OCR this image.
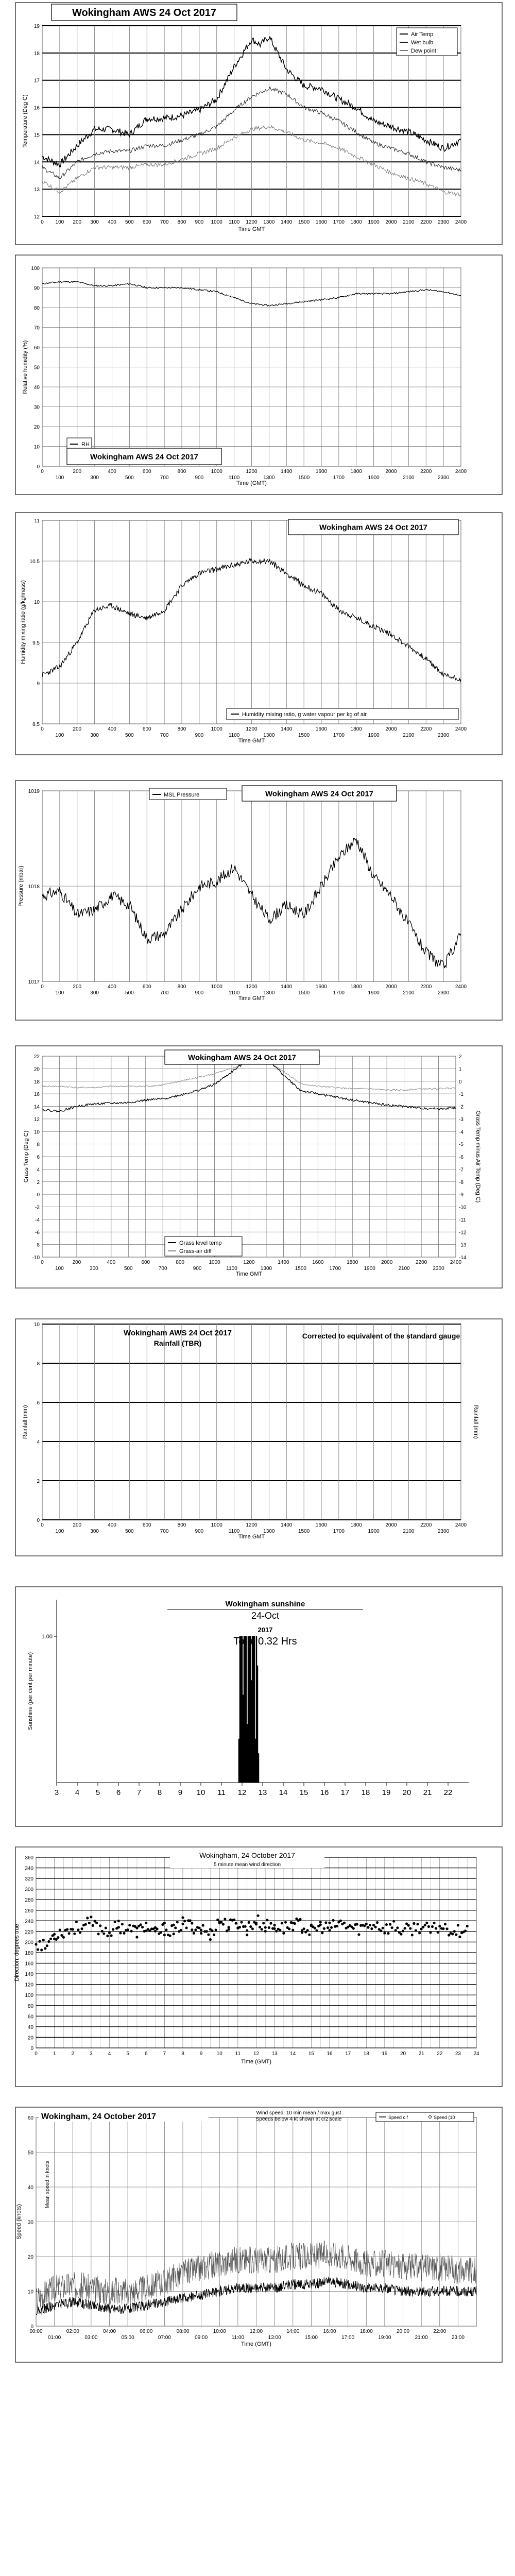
12
13
14
15
16
17
18
19
0 100 200 300 400 500 600 700 800 900 1000 1100 1200 1300 1400 1500 1600 1700 1800 1900 2000 2100 2200 2300 2400
Time GMT
Temperature (Deg C)
Wokingham AWS 24 Oct 2017
Air Temp
Wet bulb
Dew point
0
10
20
30
40
50
60
70
80
90
100
0	200	400	600	800	1000	1200	1400	1600	1800	2000	2200	2400
100	300	500	700	900	1100	1300	1500	1700	1900	2100	2300
Time (GMT)
Relative humidity (%)
RH
Wokingham AWS 24 Oct 2017
8.5
9
9.5
10
10.5
11
0	200	400	600	800	1000	1200	1400	1600	1800	2000	2200	2400
100	300	500	700	900	1100	1300	1500	1700	1900	2100	2300
Time GMT
Humidity mixing ratio (g/kg/mass)
Wokingham AWS 24 Oct 2017
Humidity mixing ratio, g water vapour per kg of air
1017
1018
1019
0	200	400	600	800	1000	1200	1400	1600	1800	2000	2200	2400
100	300	500	700	900	1100	1300	1500	1700	1900	2100	2300
Time GMT
Pressure (mbar)
Wokingham AWS 24 Oct 2017
MSL Pressure
22
20
18
16
14
12
10
8
6
4
2
0
-2
-4
-6
-8
-10
0	200	400	600	800	1000	1200	1400	1600	1800	2000	2200	2400
100	300	500	700	900	1100	1300	1500	1700	1900	2100	2300
Time GMT
Grass Temp (Deg C)
2
1
0
-1
-2
-3
-4
-5
-6
-7
-8
-9
-10
-11
-12
-13
-14
Grass Temp minus Air Temp (Deg C)
Wokingham AWS 24 Oct 2017
Grass level temp
Grass-air diff
0
2
4
6
8
10
0	200	400	600	800	1000	1200	1400	1600	1800	2000	2200	2400
100	300	500	700	900	1100	1300	1500	1700	1900	2100	2300
Time GMT
Rainfall (mm)	Rainfall (mm)
Wokingham AWS 24 Oct 2017
Rainfall (TBR)
Corrected to equivalent of the standard gauge
3 4 5 6 7 8 9 10 11 12 13 14 15 16 17 18 19 20 21 22
1.00
Sunshine (per cent per minute)
Wokingham sunshine
24-Oct
2017
Total 0.32 Hrs
0
20
40
60
80
100
120
140
160
180
200
220
240
260
280
300
320
340
360
0	1	2	3	4	5	6	7	8	9	10 11 12 13 14 15 16 17 18 19 20 21 22 23 24
Time (GMT)
Direction, degrees true
Wokingham, 24 October 2017
5 minute mean wind direction
0
10
20
30
40
50
60
00:00	02:00	04:00	06:00	08:00	10:00	12:00	14:00	16:00	18:00	20:00	22:00
01:00	03:00	05:00	07:00	09:00	11:00	13:00	15:00	17:00	19:00	21:00	23:00
Time (GMT)
Speed (knots)
Mean speed in knots
Wokingham, 24 October 2017	Wind speed: 10 min mean / max gust
Speeds below 4 kt shown at c/2 scale	Speed c.f	Speed (10
